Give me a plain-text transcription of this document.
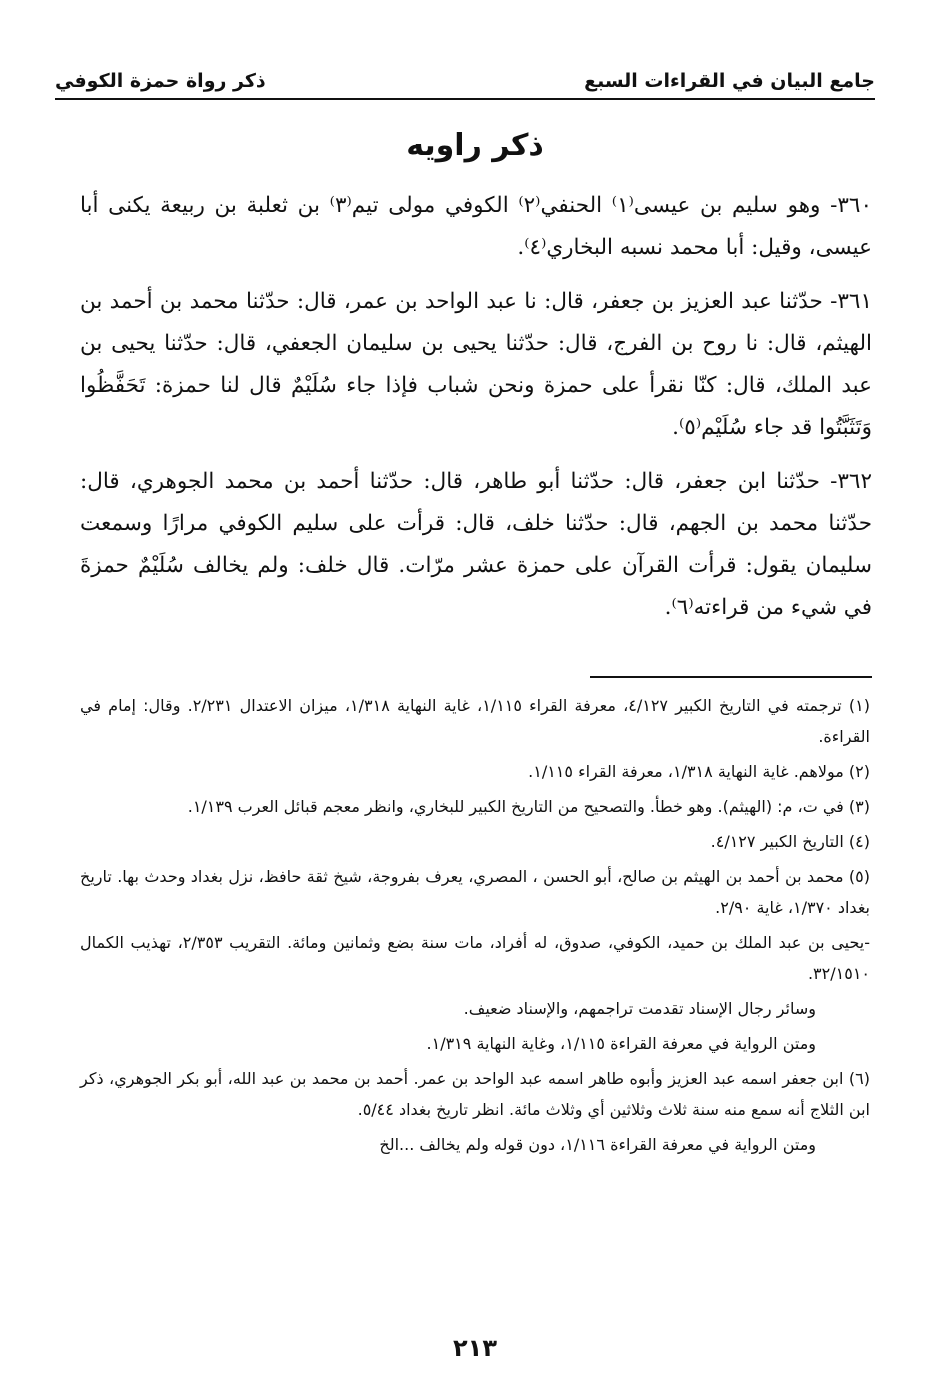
جامع البيان في القراءات السبع
ذكر رواة حمزة الكوفي
ذكر راويه

٣٦٠- وهو سليم بن عيسى⁽١⁾ الحنفي⁽٢⁾ الكوفي مولى تيم⁽٣⁾ بن ثعلبة بن ربيعة يكنى أبا عيسى، وقيل: أبا محمد نسبه البخاري⁽٤⁾.

٣٦١- حدّثنا عبد العزيز بن جعفر، قال: نا عبد الواحد بن عمر، قال: حدّثنا محمد بن أحمد بن الهيثم، قال: نا روح بن الفرج، قال: حدّثنا يحيى بن سليمان الجعفي، قال: حدّثنا يحيى بن عبد الملك، قال: كنّا نقرأ على حمزة ونحن شباب فإذا جاء سُلَيْمٌ قال لنا حمزة: تَحَفَّظُوا وَتَثَبَّتُوا قد جاء سُلَيْم⁽٥⁾.

٣٦٢- حدّثنا ابن جعفر، قال: حدّثنا أبو طاهر، قال: حدّثنا أحمد بن محمد الجوهري، قال: حدّثنا محمد بن الجهم، قال: حدّثنا خلف، قال: قرأت على سليم الكوفي مرارًا وسمعت سليمان يقول: قرأت القرآن على حمزة عشر مرّات. قال خلف: ولم يخالف سُلَيْمٌ حمزةَ في شيء من قراءته⁽٦⁾.

(١) ترجمته في التاريخ الكبير ٤/١٢٧، معرفة القراء ١/١١٥، غاية النهاية ١/٣١٨، ميزان الاعتدال ٢/٢٣١. وقال: إمام في القراءة.

(٢) مولاهم. غاية النهاية ١/٣١٨، معرفة القراء ١/١١٥.

(٣) في ت، م: (الهيثم). وهو خطأ. والتصحيح من التاريخ الكبير للبخاري، وانظر معجم قبائل العرب ١/١٣٩.

(٤) التاريخ الكبير ٤/١٢٧.

(٥) محمد بن أحمد بن الهيثم بن صالح، أبو الحسن ، المصري، يعرف بفروجة، شيخ ثقة حافظ، نزل بغداد وحدث بها. تاريخ بغداد ١/٣٧٠، غاية ٢/٩٠.

-يحيى بن عبد الملك بن حميد، الكوفي، صدوق، له أفراد، مات سنة بضع وثمانين ومائة. التقريب ٢/٣٥٣، تهذيب الكمال ٣٢/١٥١٠.

وسائر رجال الإسناد تقدمت تراجمهم، والإسناد ضعيف.

ومتن الرواية في معرفة القراءة ١/١١٥، وغاية النهاية ١/٣١٩.

(٦) ابن جعفر اسمه عبد العزيز وأبوه طاهر اسمه عبد الواحد بن عمر. أحمد بن محمد بن عبد الله، أبو بكر الجوهري، ذكر ابن الثلاج أنه سمع منه سنة ثلاث وثلاثين أي وثلاث مائة. انظر تاريخ بغداد ٥/٤٤.

ومتن الرواية في معرفة القراءة ١/١١٦، دون قوله ولم يخالف ...الخ

٢١٣
